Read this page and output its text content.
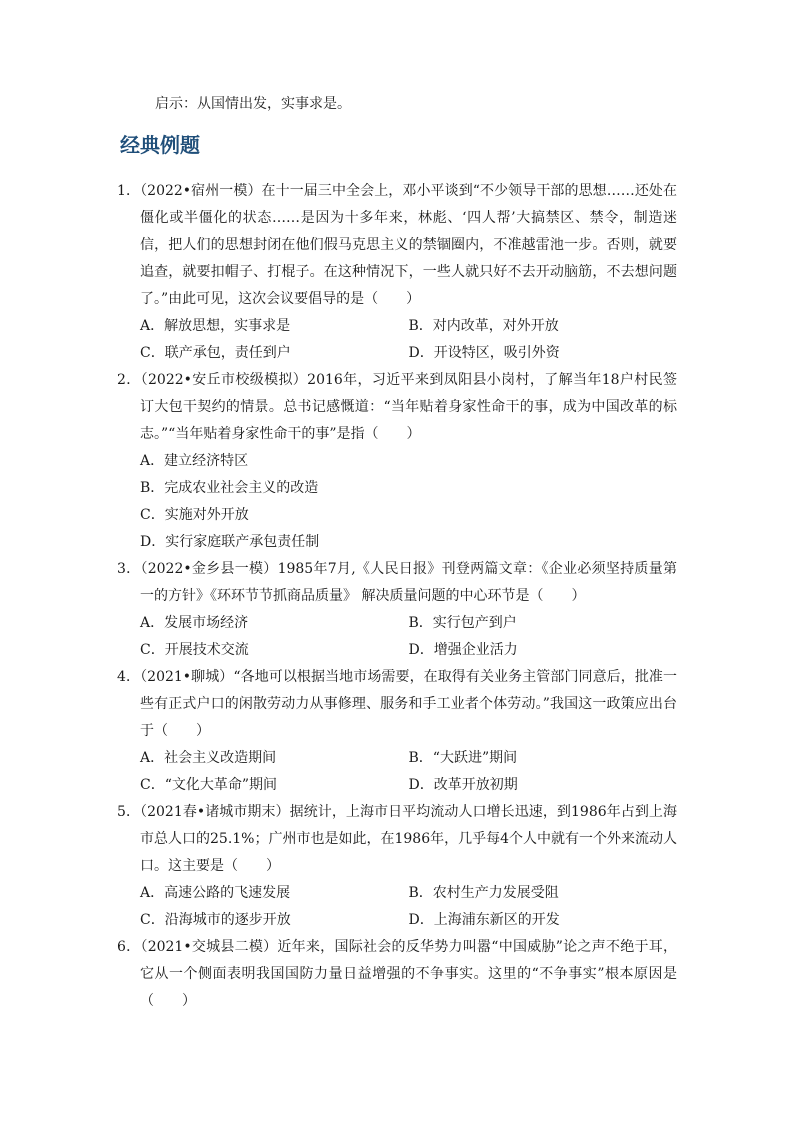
启示：从国情出发，实事求是。
经典例题
1．（2022•宿州一模）在十一届三中全会上，邓小平谈到“不少领导干部的思想……还处在僵化或半僵化的状态……是因为十多年来，林彪、‘四人帮’大搞禁区、禁令，制造迷信，把人们的思想封闭在他们假马克思主义的禁锢圈内，不准越雷池一步。否则，就要追查，就要扣帽子、打棍子。在这种情况下，一些人就只好不去开动脑筋，不去想问题了。”由此可见，这次会议要倡导的是（　　）
A．解放思想，实事求是	B．对内改革，对外开放
C．联产承包，责任到户	D．开设特区，吸引外资
2．（2022•安丘市校级模拟）2016年，习近平来到凤阳县小岗村，了解当年18户村民签订大包干契约的情景。总书记感慨道：“当年贴着身家性命干的事，成为中国改革的标志。”“当年贴着身家性命干的事”是指（　　）
A．建立经济特区
B．完成农业社会主义的改造
C．实施对外开放
D．实行家庭联产承包责任制
3．（2022•金乡县一模）1985年7月,《人民日报》刊登两篇文章：《企业必须坚持质量第一的方针》《环环节节抓商品质量》 解决质量问题的中心环节是（　　）
A．发展市场经济	B．实行包产到户
C．开展技术交流	D．增强企业活力
4．（2021•聊城）“各地可以根据当地市场需要，在取得有关业务主管部门同意后，批准一些有正式户口的闲散劳动力从事修理、服务和手工业者个体劳动。”我国这一政策应出台于（　　）
A．社会主义改造期间	B．“大跃进”期间
C．“文化大革命”期间	D．改革开放初期
5．（2021春•诸城市期末）据统计，上海市日平均流动人口增长迅速，到1986年占到上海市总人口的25.1%；广州市也是如此，在1986年，几乎每4个人中就有一个外来流动人口。这主要是（　　）
A．高速公路的飞速发展	B．农村生产力发展受阻
C．沿海城市的逐步开放	D．上海浦东新区的开发
6．（2021•交城县二模）近年来，国际社会的反华势力叫嚣“中国威胁”论之声不绝于耳，它从一个侧面表明我国国防力量日益增强的不争事实。这里的“不争事实”根本原因是（　　）
